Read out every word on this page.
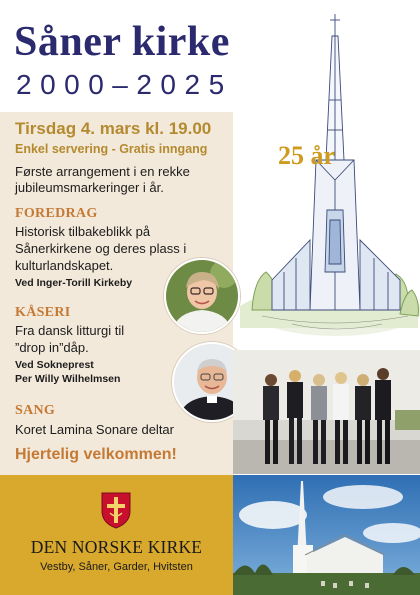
Såner kirke
2000–2025
25 år
Tirsdag 4. mars kl. 19.00
Enkel servering - Gratis inngang
Første arrangement i en rekke jubileumsmarkeringer i år.
FOREDRAG
Historisk tilbakeblikk på
Sånerkirkene og deres plass i
kulturlandskapet.
Ved Inger-Torill Kirkeby
KÅSERI
Fra dansk litturgi til
”drop in”dåp.
Ved Sokneprest
Per Willy Wilhelmsen
SANG
Koret Lamina Sonare deltar
Hjertelig velkommen!
DEN NORSKE KIRKE
Vestby, Såner, Garder, Hvitsten
